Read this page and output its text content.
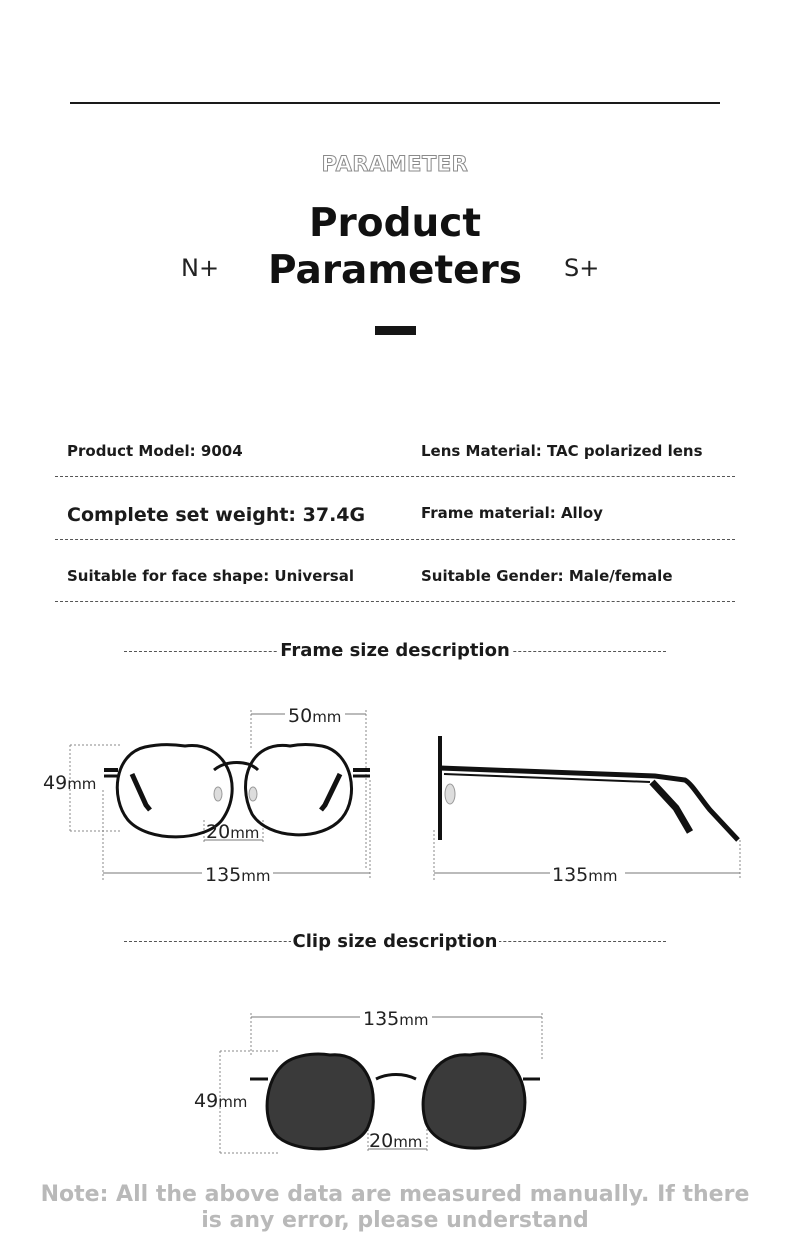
PARAMETER
Product
Parameters
N+	S+
Product Model: 9004	Lens Material: TAC polarized lens
Complete set weight: 37.4G	Frame material: Alloy
Suitable for face shape: Universal	Suitable Gender: Male/female
Frame size description
50mm
49mm
20mm
135mm	135mm
Clip size description
135mm
49mm
20mm
Note: All the above data are measured manually. If there
is any error, please understand
